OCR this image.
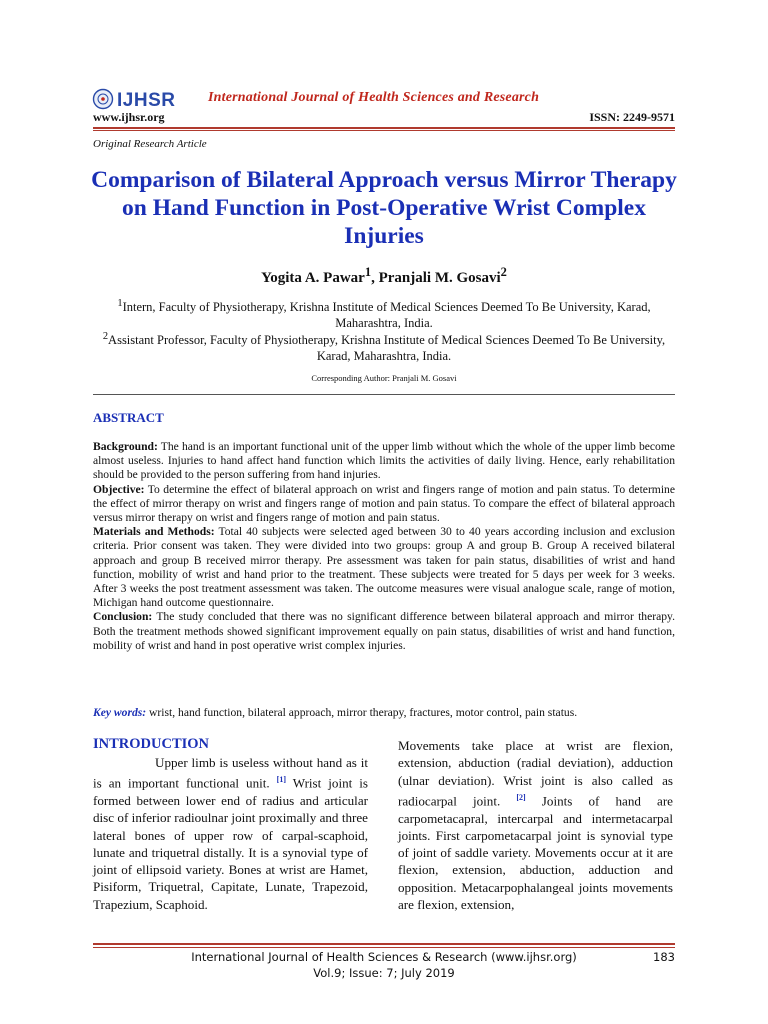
IJHSR International Journal of Health Sciences and Research
www.ijhsr.org	ISSN: 2249-9571
Original Research Article
Comparison of Bilateral Approach versus Mirror Therapy on Hand Function in Post-Operative Wrist Complex Injuries
Yogita A. Pawar$^1$, Pranjali M. Gosavi$^2$
$^1$Intern, Faculty of Physiotherapy, Krishna Institute of Medical Sciences Deemed To Be University, Karad, Maharashtra, India.
$^2$Assistant Professor, Faculty of Physiotherapy, Krishna Institute of Medical Sciences Deemed To Be University, Karad, Maharashtra, India.
Corresponding Author: Pranjali M. Gosavi
ABSTRACT

Background: The hand is an important functional unit of the upper limb without which the whole of the upper limb become almost useless. Injuries to hand affect hand function which limits the activities of daily living. Hence, early rehabilitation should be provided to the person suffering from hand injuries.

Objective: To determine the effect of bilateral approach on wrist and fingers range of motion and pain status. To determine the effect of mirror therapy on wrist and fingers range of motion and pain status. To compare the effect of bilateral approach versus mirror therapy on wrist and fingers range of motion and pain status.

Materials and Methods: Total 40 subjects were selected aged between 30 to 40 years according inclusion and exclusion criteria. Prior consent was taken. They were divided into two groups: group A and group B. Group A received bilateral approach and group B received mirror therapy. Pre assessment was taken for pain status, disabilities of wrist and hand function, mobility of wrist and hand prior to the treatment. These subjects were treated for 5 days per week for 3 weeks. After 3 weeks the post treatment assessment was taken. The outcome measures were visual analogue scale, range of motion, Michigan hand outcome questionnaire.

Conclusion: The study concluded that there was no significant difference between bilateral approach and mirror therapy. Both the treatment methods showed significant improvement equally on pain status, disabilities of wrist and hand function, mobility of wrist and hand in post operative wrist complex injuries.

Key words: wrist, hand function, bilateral approach, mirror therapy, fractures, motor control, pain status.
INTRODUCTION

Upper limb is useless without hand as it is an important functional unit. [1] Wrist joint is formed between lower end of radius and articular disc of inferior radioulnar joint proximally and three lateral bones of upper row of carpal-scaphoid, lunate and triquetral distally. It is a synovial type of joint of ellipsoid variety. Bones at wrist are Hamet, Pisiform, Triquetral, Capitate, Lunate, Trapezoid, Trapezium, Scaphoid.

Movements take place at wrist are flexion, extension, abduction (radial deviation), adduction (ulnar deviation). Wrist joint is also called as radiocarpal joint. [2] Joints of hand are carpometacapral, intercarpal and intermetacarpal joints. First carpometacarpal joint is synovial type of joint of saddle variety. Movements occur at it are flexion, extension, abduction, adduction and opposition. Metacarpophalangeal joints movements are flexion, extension,

International Journal of Health Sciences & Research (www.ijhsr.org)
Vol.9; Issue: 7; July 2019
183
